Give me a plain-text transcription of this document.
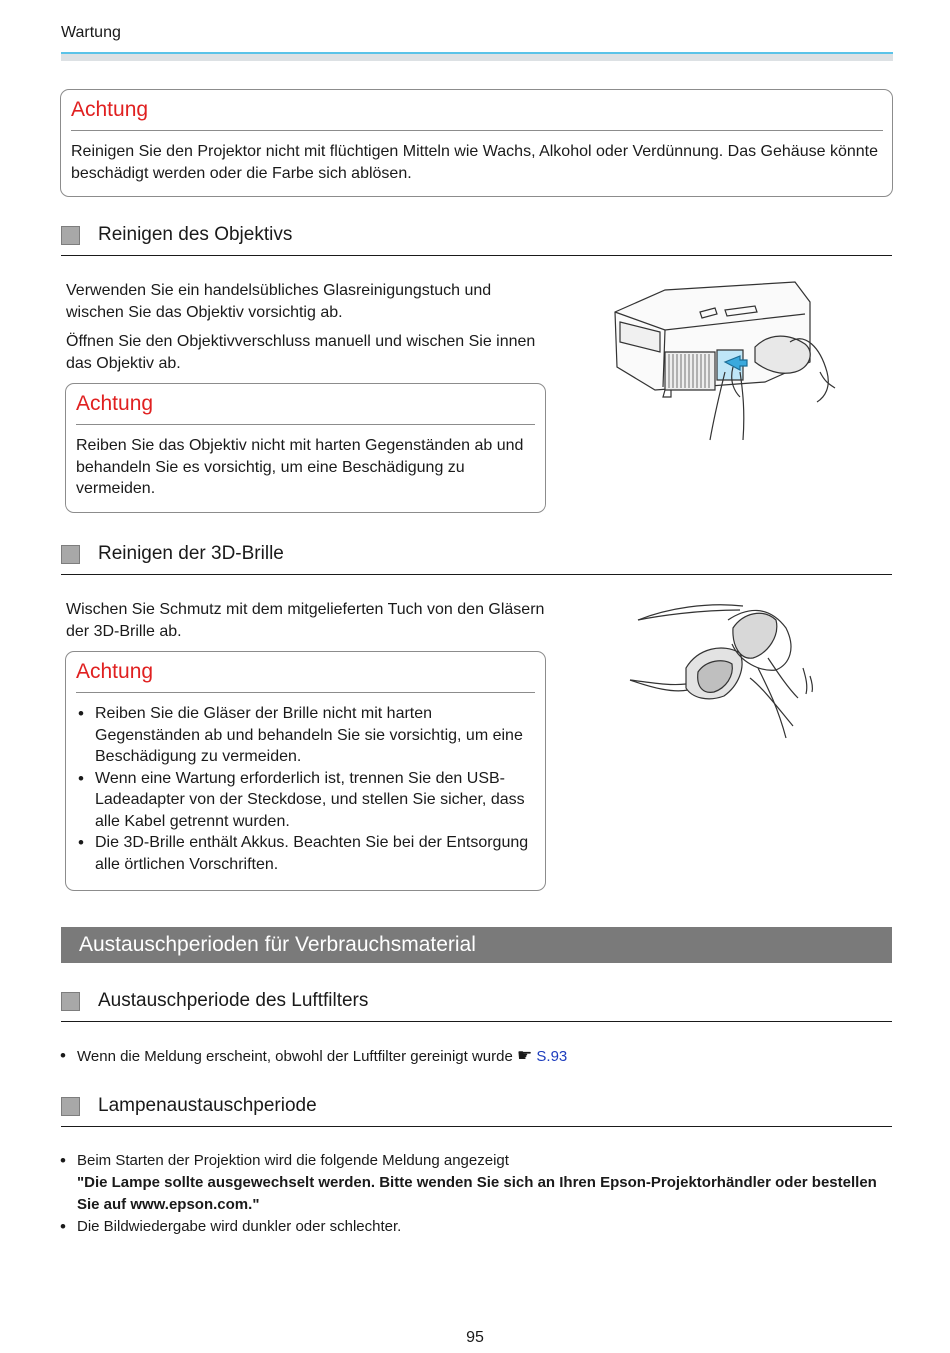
Wartung

Achtung

Reinigen Sie den Projektor nicht mit flüchtigen Mitteln wie Wachs, Alkohol oder Verdünnung. Das Gehäuse könnte beschädigt werden oder die Farbe sich ablösen.

Reinigen des Objektivs

Verwenden Sie ein handelsübliches Glasreinigungstuch und wischen Sie das Objektiv vorsichtig ab.

Öffnen Sie den Objektivverschluss manuell und wischen Sie innen das Objektiv ab.

Achtung

Reiben Sie das Objektiv nicht mit harten Gegenständen ab und behandeln Sie es vorsichtig, um eine Beschädigung zu vermeiden.

Reinigen der 3D-Brille

Wischen Sie Schmutz mit dem mitgelieferten Tuch von den Gläsern der 3D-Brille ab.

Achtung

• Reiben Sie die Gläser der Brille nicht mit harten Gegenständen ab und behandeln Sie sie vorsichtig, um eine Beschädigung zu vermeiden.
• Wenn eine Wartung erforderlich ist, trennen Sie den USB-Ladeadapter von der Steckdose, und stellen Sie sicher, dass alle Kabel getrennt wurden.
• Die 3D-Brille enthält Akkus. Beachten Sie bei der Entsorgung alle örtlichen Vorschriften.
Austauschperioden für Verbrauchsmaterial
Austauschperiode des Luftfilters
• Wenn die Meldung erscheint, obwohl der Luftfilter gereinigt wurde ☛ S.93
Lampenaustauschperiode
• Beim Starten der Projektion wird die folgende Meldung angezeigt
"Die Lampe sollte ausgewechselt werden. Bitte wenden Sie sich an Ihren Epson-Projektorhändler oder bestellen Sie auf www.epson.com."
• Die Bildwiedergabe wird dunkler oder schlechter.
95
